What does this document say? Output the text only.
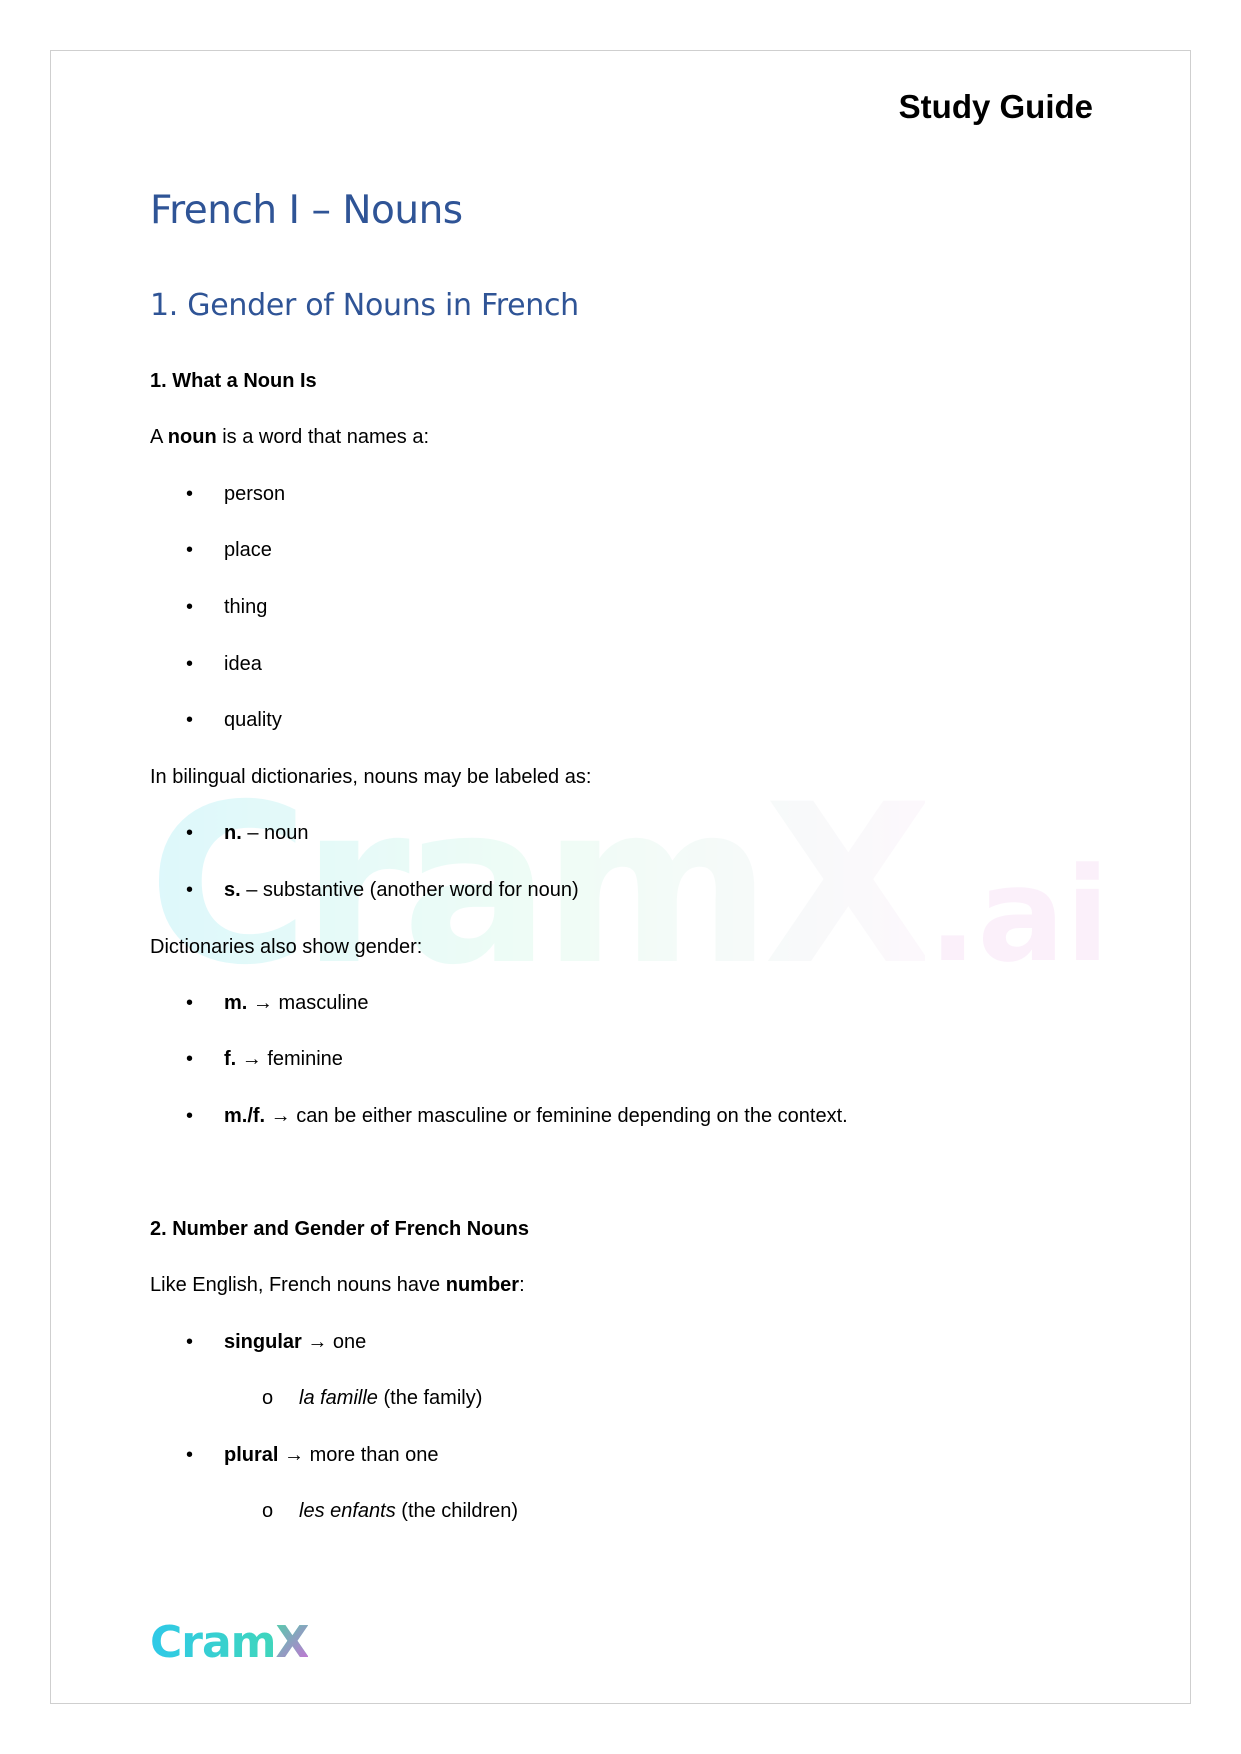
CramX .ai
Study Guide
French I – Nouns
1. Gender of Nouns in French
1. What a Noun Is
A noun is a word that names a:
• person
• place
• thing
• idea
• quality
In bilingual dictionaries, nouns may be labeled as:
• n. – noun
• s. – substantive (another word for noun)
Dictionaries also show gender:
• m. → masculine
• f. → feminine
• m./f. → can be either masculine or feminine depending on the context.
2. Number and Gender of French Nouns
Like English, French nouns have number:
• singular → one
o la famille (the family)
• plural → more than one
o les enfants (the children)
CramX
